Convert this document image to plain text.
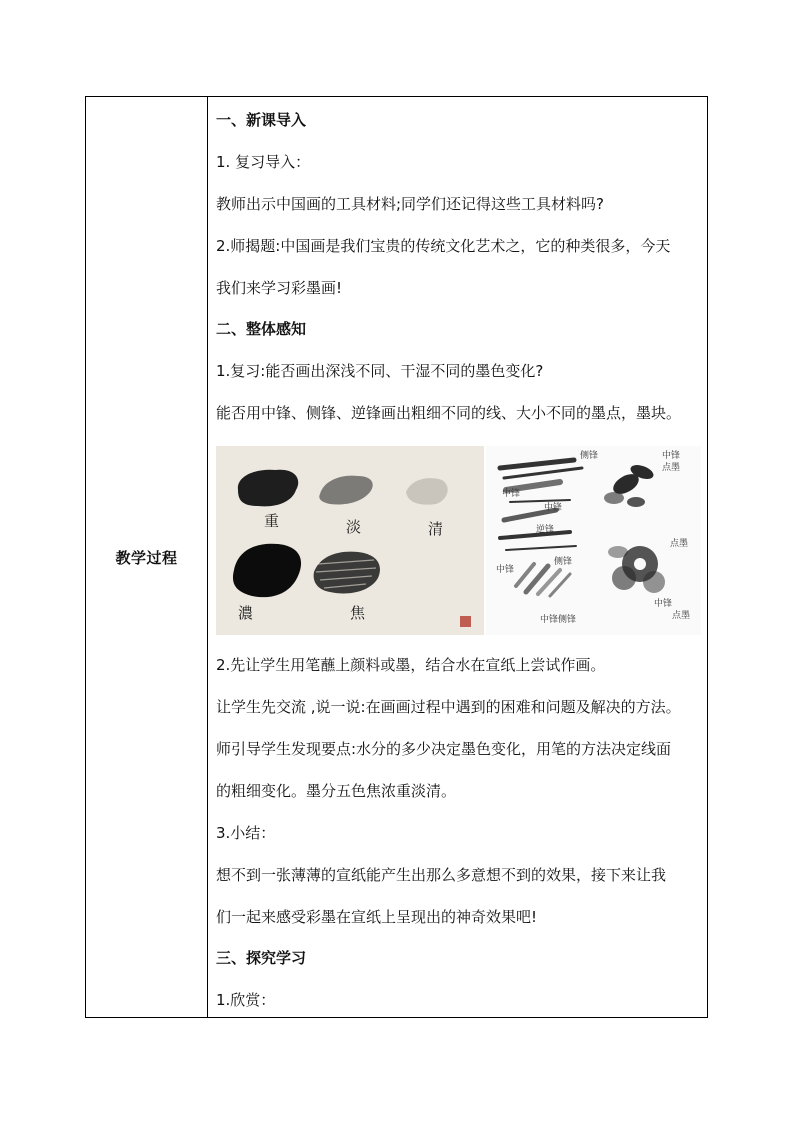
教学过程
一、新课导入
1. 复习导入：
教师出示中国画的工具材料;同学们还记得这些工具材料吗?
2.师揭题:中国画是我们宝贵的传统文化艺术之，它的种类很多，今天
我们来学习彩墨画!
二、整体感知
1.复习:能否画出深浅不同、干湿不同的墨色变化?
能否用中锋、侧锋、逆锋画出粗细不同的线、大小不同的墨点，墨块。
重	淡	清
濃	焦
侧锋
中锋
中锋
逆锋
中锋
侧锋
中锋侧锋
中锋
点墨
点墨
中锋
点墨
2.先让学生用笔蘸上颜料或墨，结合水在宣纸上尝试作画。
让学生先交流 ,说一说:在画画过程中遇到的困难和问题及解决的方法。
师引导学生发现要点:水分的多少决定墨色变化，用笔的方法决定线面
的粗细变化。墨分五色焦浓重淡清。
3.小结：
想不到一张薄薄的宣纸能产生出那么多意想不到的效果，接下来让我
们一起来感受彩墨在宣纸上呈现出的神奇效果吧!
三、探究学习
1.欣赏：
